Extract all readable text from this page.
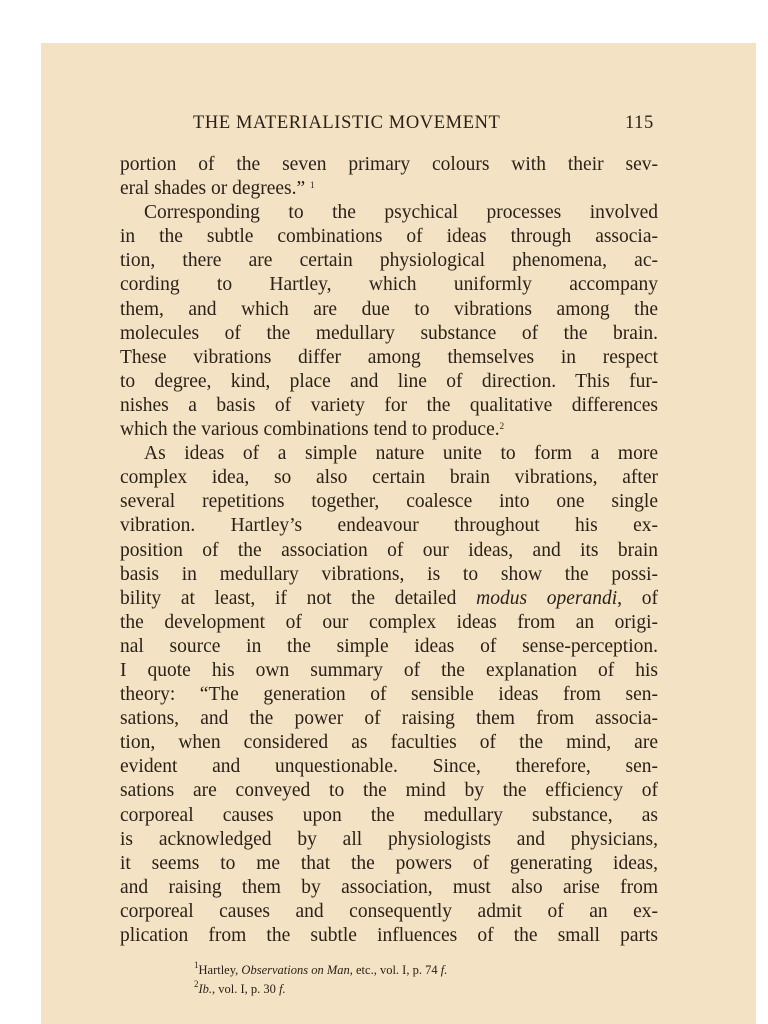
THE MATERIALISTIC MOVEMENT	115
portion of the seven primary colours with their sev-
eral shades or degrees.” $^1$
Corresponding to the psychical processes involved
in the subtle combinations of ideas through associa-
tion, there are certain physiological phenomena, ac-
cording to Hartley, which uniformly accompany
them, and which are due to vibrations among the
molecules of the medullary substance of the brain.
These vibrations differ among themselves in respect
to degree, kind, place and line of direction. This fur-
nishes a basis of variety for the qualitative differences
which the various combinations tend to produce.$^2$
As ideas of a simple nature unite to form a more
complex idea, so also certain brain vibrations, after
several repetitions together, coalesce into one single
vibration. Hartley’s endeavour throughout his ex-
position of the association of our ideas, and its brain
basis in medullary vibrations, is to show the possi-
bility at least, if not the detailed modus operandi, of
the development of our complex ideas from an origi-
nal source in the simple ideas of sense-perception.
I quote his own summary of the explanation of his
theory: “The generation of sensible ideas from sen-
sations, and the power of raising them from associa-
tion, when considered as faculties of the mind, are
evident and unquestionable. Since, therefore, sen-
sations are conveyed to the mind by the efficiency of
corporeal causes upon the medullary substance, as
is acknowledged by all physiologists and physicians,
it seems to me that the powers of generating ideas,
and raising them by association, must also arise from
corporeal causes and consequently admit of an ex-
plication from the subtle influences of the small parts
$^1$Hartley, Observations on Man, etc., vol. I, p. 74 f.
$^2$Ib., vol. I, p. 30 f.
